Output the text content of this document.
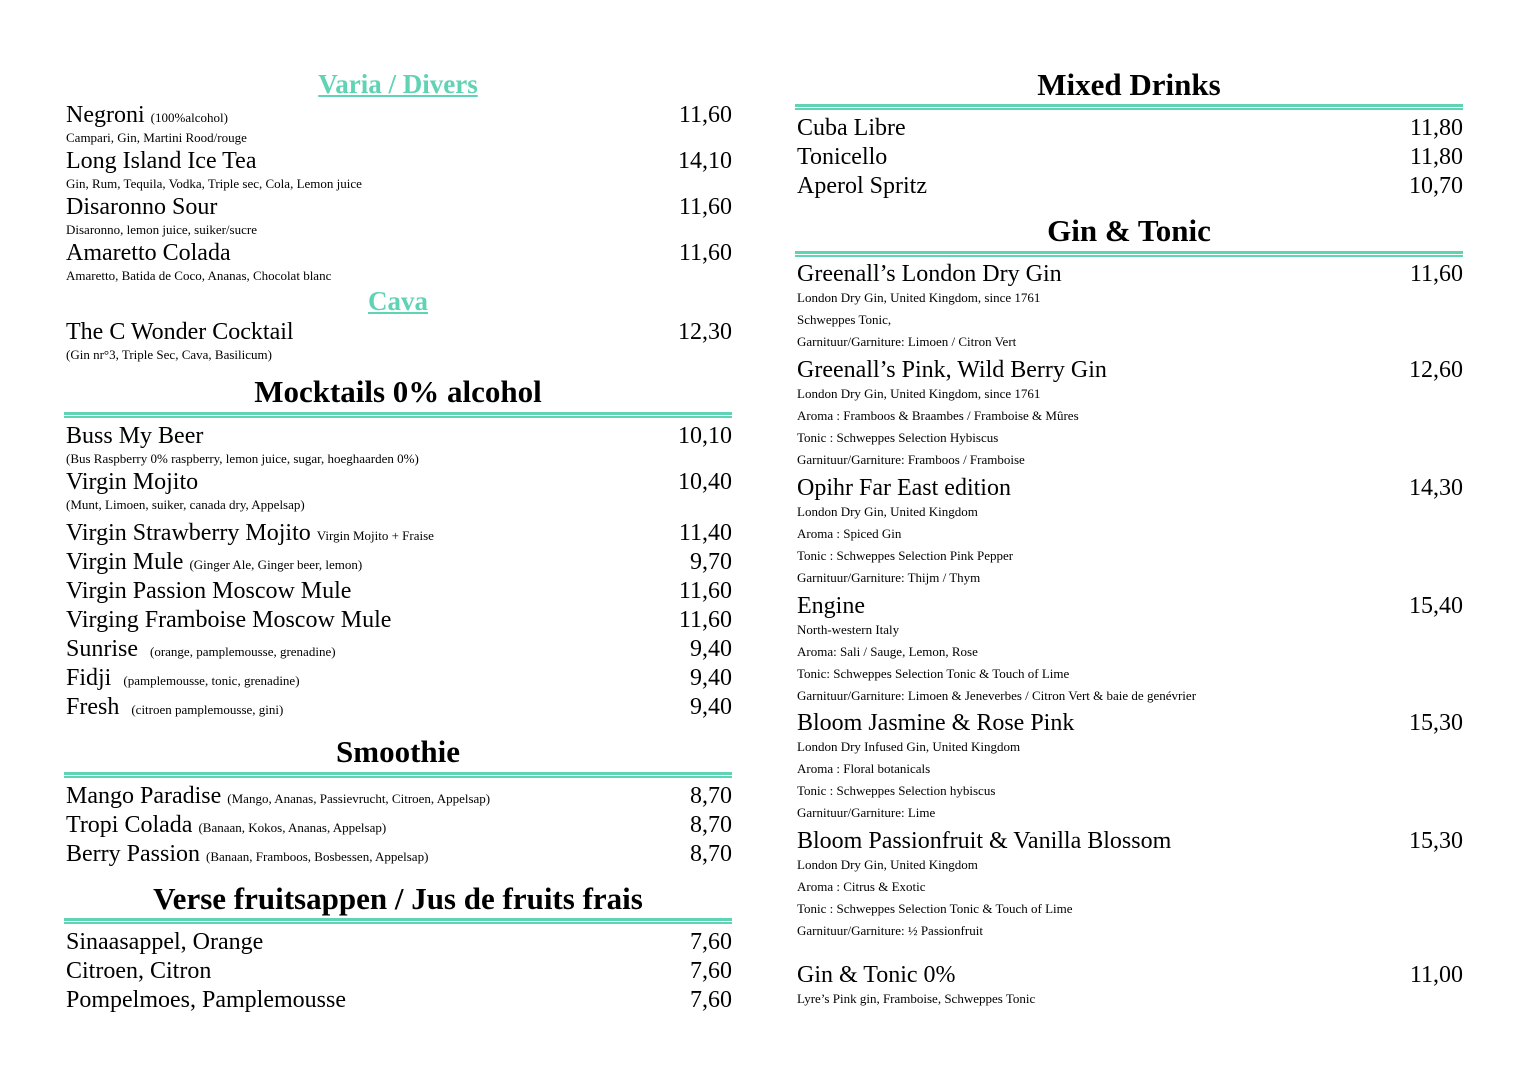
Varia / Divers
Negroni (100%alcohol)	11,60
Campari, Gin, Martini Rood/rouge
Long Island Ice Tea	14,10
Gin, Rum, Tequila, Vodka, Triple sec, Cola, Lemon juice
Disaronno Sour	11,60
Disaronno, lemon juice, suiker/sucre
Amaretto Colada	11,60
Amaretto, Batida de Coco, Ananas, Chocolat blanc
Cava
The C Wonder Cocktail	12,30
(Gin nr°3, Triple Sec, Cava, Basilicum)
Mocktails 0% alcohol
Buss My Beer	10,10
(Bus Raspberry 0% raspberry, lemon juice, sugar, hoeghaarden 0%)
Virgin Mojito	10,40
(Munt, Limoen, suiker, canada dry, Appelsap)
Virgin Strawberry Mojito Virgin Mojito + Fraise	11,40
Virgin Mule (Ginger Ale, Ginger beer, lemon)	9,70
Virgin Passion Moscow Mule	11,60
Virging Framboise Moscow Mule	11,60
Sunrise (orange, pamplemousse, grenadine)	9,40
Fidji (pamplemousse, tonic, grenadine)	9,40
Fresh (citroen pamplemousse, gini)	9,40
Smoothie
Mango Paradise (Mango, Ananas, Passievrucht, Citroen, Appelsap)	8,70
Tropi Colada (Banaan, Kokos, Ananas, Appelsap)	8,70
Berry Passion (Banaan, Framboos, Bosbessen, Appelsap)	8,70
Verse fruitsappen / Jus de fruits frais
Sinaasappel, Orange	7,60
Citroen, Citron	7,60
Pompelmoes, Pamplemousse	7,60
Mixed Drinks
Cuba Libre	11,80
Tonicello	11,80
Aperol Spritz	10,70
Gin & Tonic
Greenall’s London Dry Gin	11,60
London Dry Gin, United Kingdom, since 1761
Schweppes Tonic,
Garnituur/Garniture: Limoen / Citron Vert
Greenall’s Pink, Wild Berry Gin	12,60
London Dry Gin, United Kingdom, since 1761
Aroma : Framboos & Braambes / Framboise & Mûres
Tonic : Schweppes Selection Hybiscus
Garnituur/Garniture: Framboos / Framboise
Opihr Far East edition	14,30
London Dry Gin, United Kingdom
Aroma : Spiced Gin
Tonic : Schweppes Selection Pink Pepper
Garnituur/Garniture: Thijm / Thym
Engine	15,40
North-western Italy
Aroma: Sali / Sauge, Lemon, Rose
Tonic: Schweppes Selection Tonic & Touch of Lime
Garnituur/Garniture: Limoen & Jeneverbes / Citron Vert & baie de genévrier
Bloom Jasmine & Rose Pink	15,30
London Dry Infused Gin, United Kingdom
Aroma : Floral botanicals
Tonic : Schweppes Selection hybiscus
Garnituur/Garniture: Lime
Bloom Passionfruit & Vanilla Blossom	15,30
London Dry Gin, United Kingdom
Aroma : Citrus & Exotic
Tonic : Schweppes Selection Tonic & Touch of Lime
Garnituur/Garniture: ½ Passionfruit
Gin & Tonic 0%	11,00
Lyre’s Pink gin, Framboise, Schweppes Tonic
